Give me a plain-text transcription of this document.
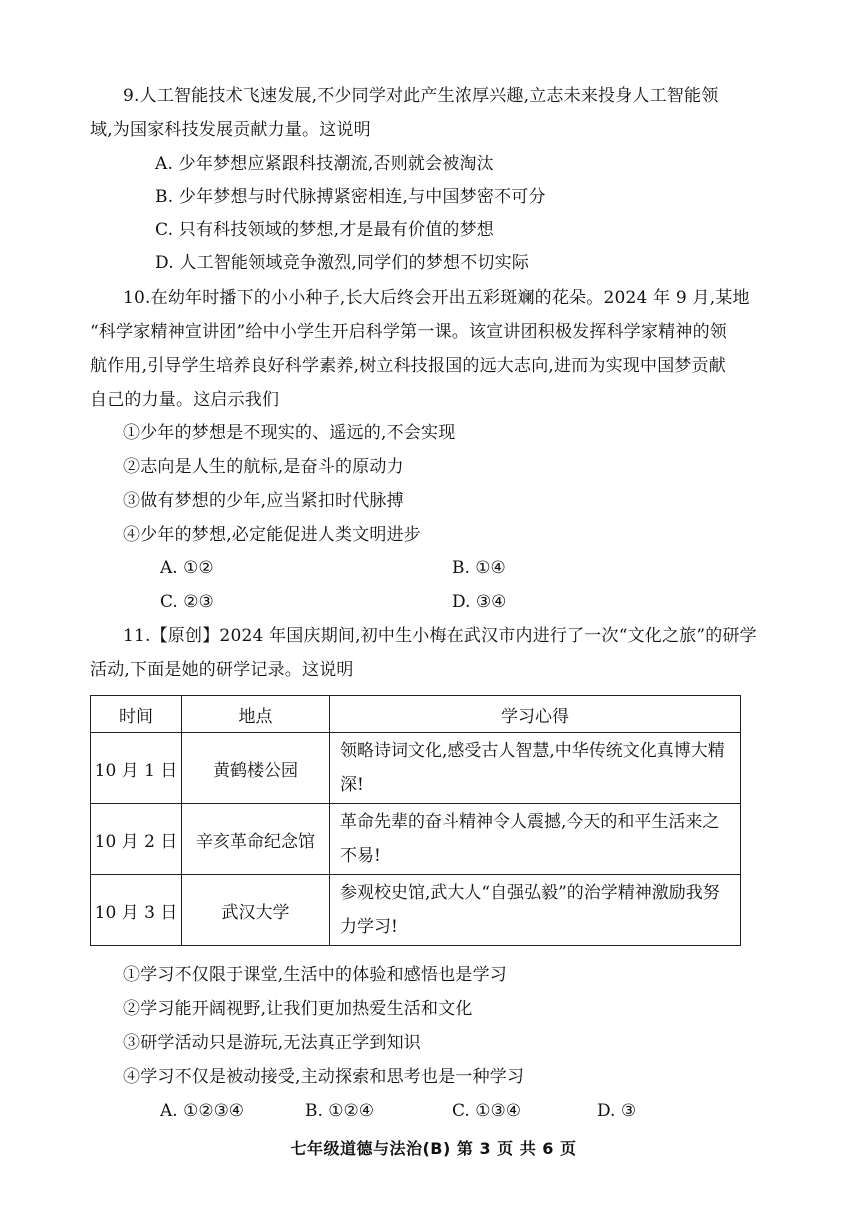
9.人工智能技术飞速发展,不少同学对此产生浓厚兴趣,立志未来投身人工智能领
域,为国家科技发展贡献力量。这说明
A. 少年梦想应紧跟科技潮流,否则就会被淘汰
B. 少年梦想与时代脉搏紧密相连,与中国梦密不可分
C. 只有科技领域的梦想,才是最有价值的梦想
D. 人工智能领域竞争激烈,同学们的梦想不切实际
10.在幼年时播下的小小种子,长大后终会开出五彩斑斓的花朵。2024 年 9 月,某地
“科学家精神宣讲团”给中小学生开启科学第一课。该宣讲团积极发挥科学家精神的领
航作用,引导学生培养良好科学素养,树立科技报国的远大志向,进而为实现中国梦贡献
自己的力量。这启示我们
①少年的梦想是不现实的、遥远的,不会实现
②志向是人生的航标,是奋斗的原动力
③做有梦想的少年,应当紧扣时代脉搏
④少年的梦想,必定能促进人类文明进步
A. ①②	B. ①④
C. ②③	D. ③④
11.【原创】2024 年国庆期间,初中生小梅在武汉市内进行了一次“文化之旅”的研学
活动,下面是她的研学记录。这说明
时间	地点	学习心得
10 月 1 日	黄鹤楼公园	领略诗词文化,感受古人智慧,中华传统文化真博大精深!
10 月 2 日	辛亥革命纪念馆	革命先辈的奋斗精神令人震撼,今天的和平生活来之不易!
10 月 3 日	武汉大学	参观校史馆,武大人“自强弘毅”的治学精神激励我努力学习!
①学习不仅限于课堂,生活中的体验和感悟也是学习
②学习能开阔视野,让我们更加热爱生活和文化
③研学活动只是游玩,无法真正学到知识
④学习不仅是被动接受,主动探索和思考也是一种学习
A. ①②③④	B. ①②④	C. ①③④	D. ③
七年级道德与法治(B) 第 3 页 共 6 页
